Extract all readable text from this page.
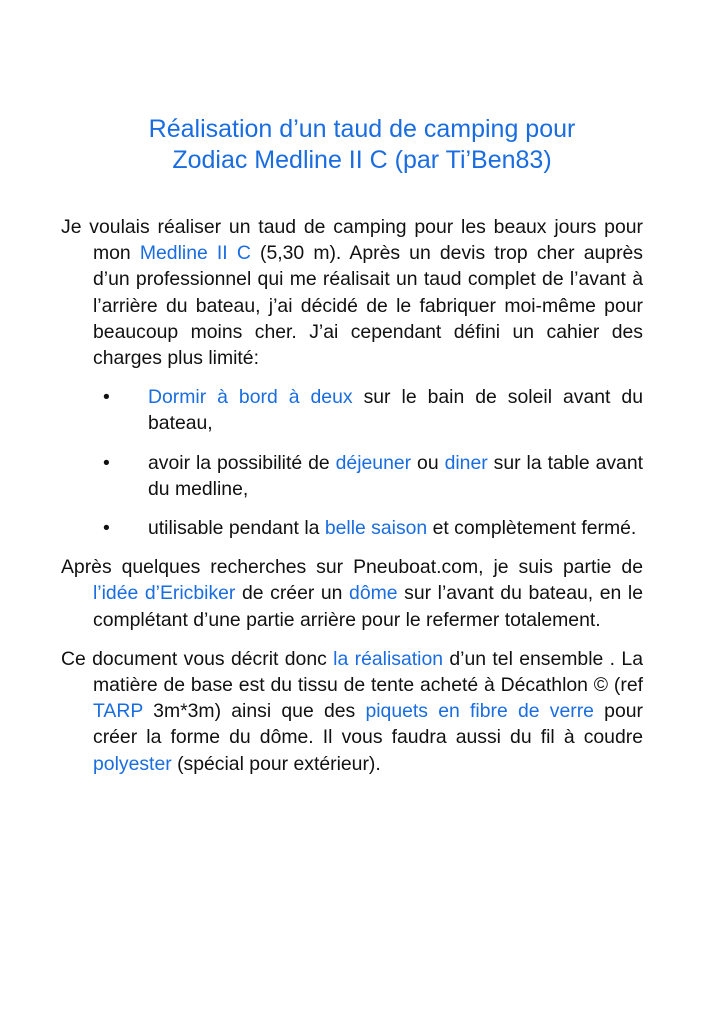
Réalisation d’un taud de camping pour
Zodiac Medline II C (par Ti’Ben83)

Je voulais réaliser un taud de camping pour les beaux jours pour mon Medline II C (5,30 m). Après un devis trop cher auprès d’un professionnel qui me réalisait un taud complet de l’avant à l’arrière du bateau, j’ai décidé de le fabriquer moi-même pour beaucoup moins cher. J’ai cependant défini un cahier des charges plus limité:

• Dormir à bord à deux sur le bain de soleil avant du bateau,
• avoir la possibilité de déjeuner ou diner sur la table avant du medline,
• utilisable pendant la belle saison et complètement fermé.

Après quelques recherches sur Pneuboat.com, je suis partie de l’idée d’Ericbiker de créer un dôme sur l’avant du bateau, en le complétant d’une partie arrière pour le refermer totalement.

Ce document vous décrit donc la réalisation d’un tel ensemble . La matière de base est du tissu de tente acheté à Décathlon © (ref TARP 3m*3m) ainsi que des piquets en fibre de verre pour créer la forme du dôme. Il vous faudra aussi du fil à coudre polyester (spécial pour extérieur).
